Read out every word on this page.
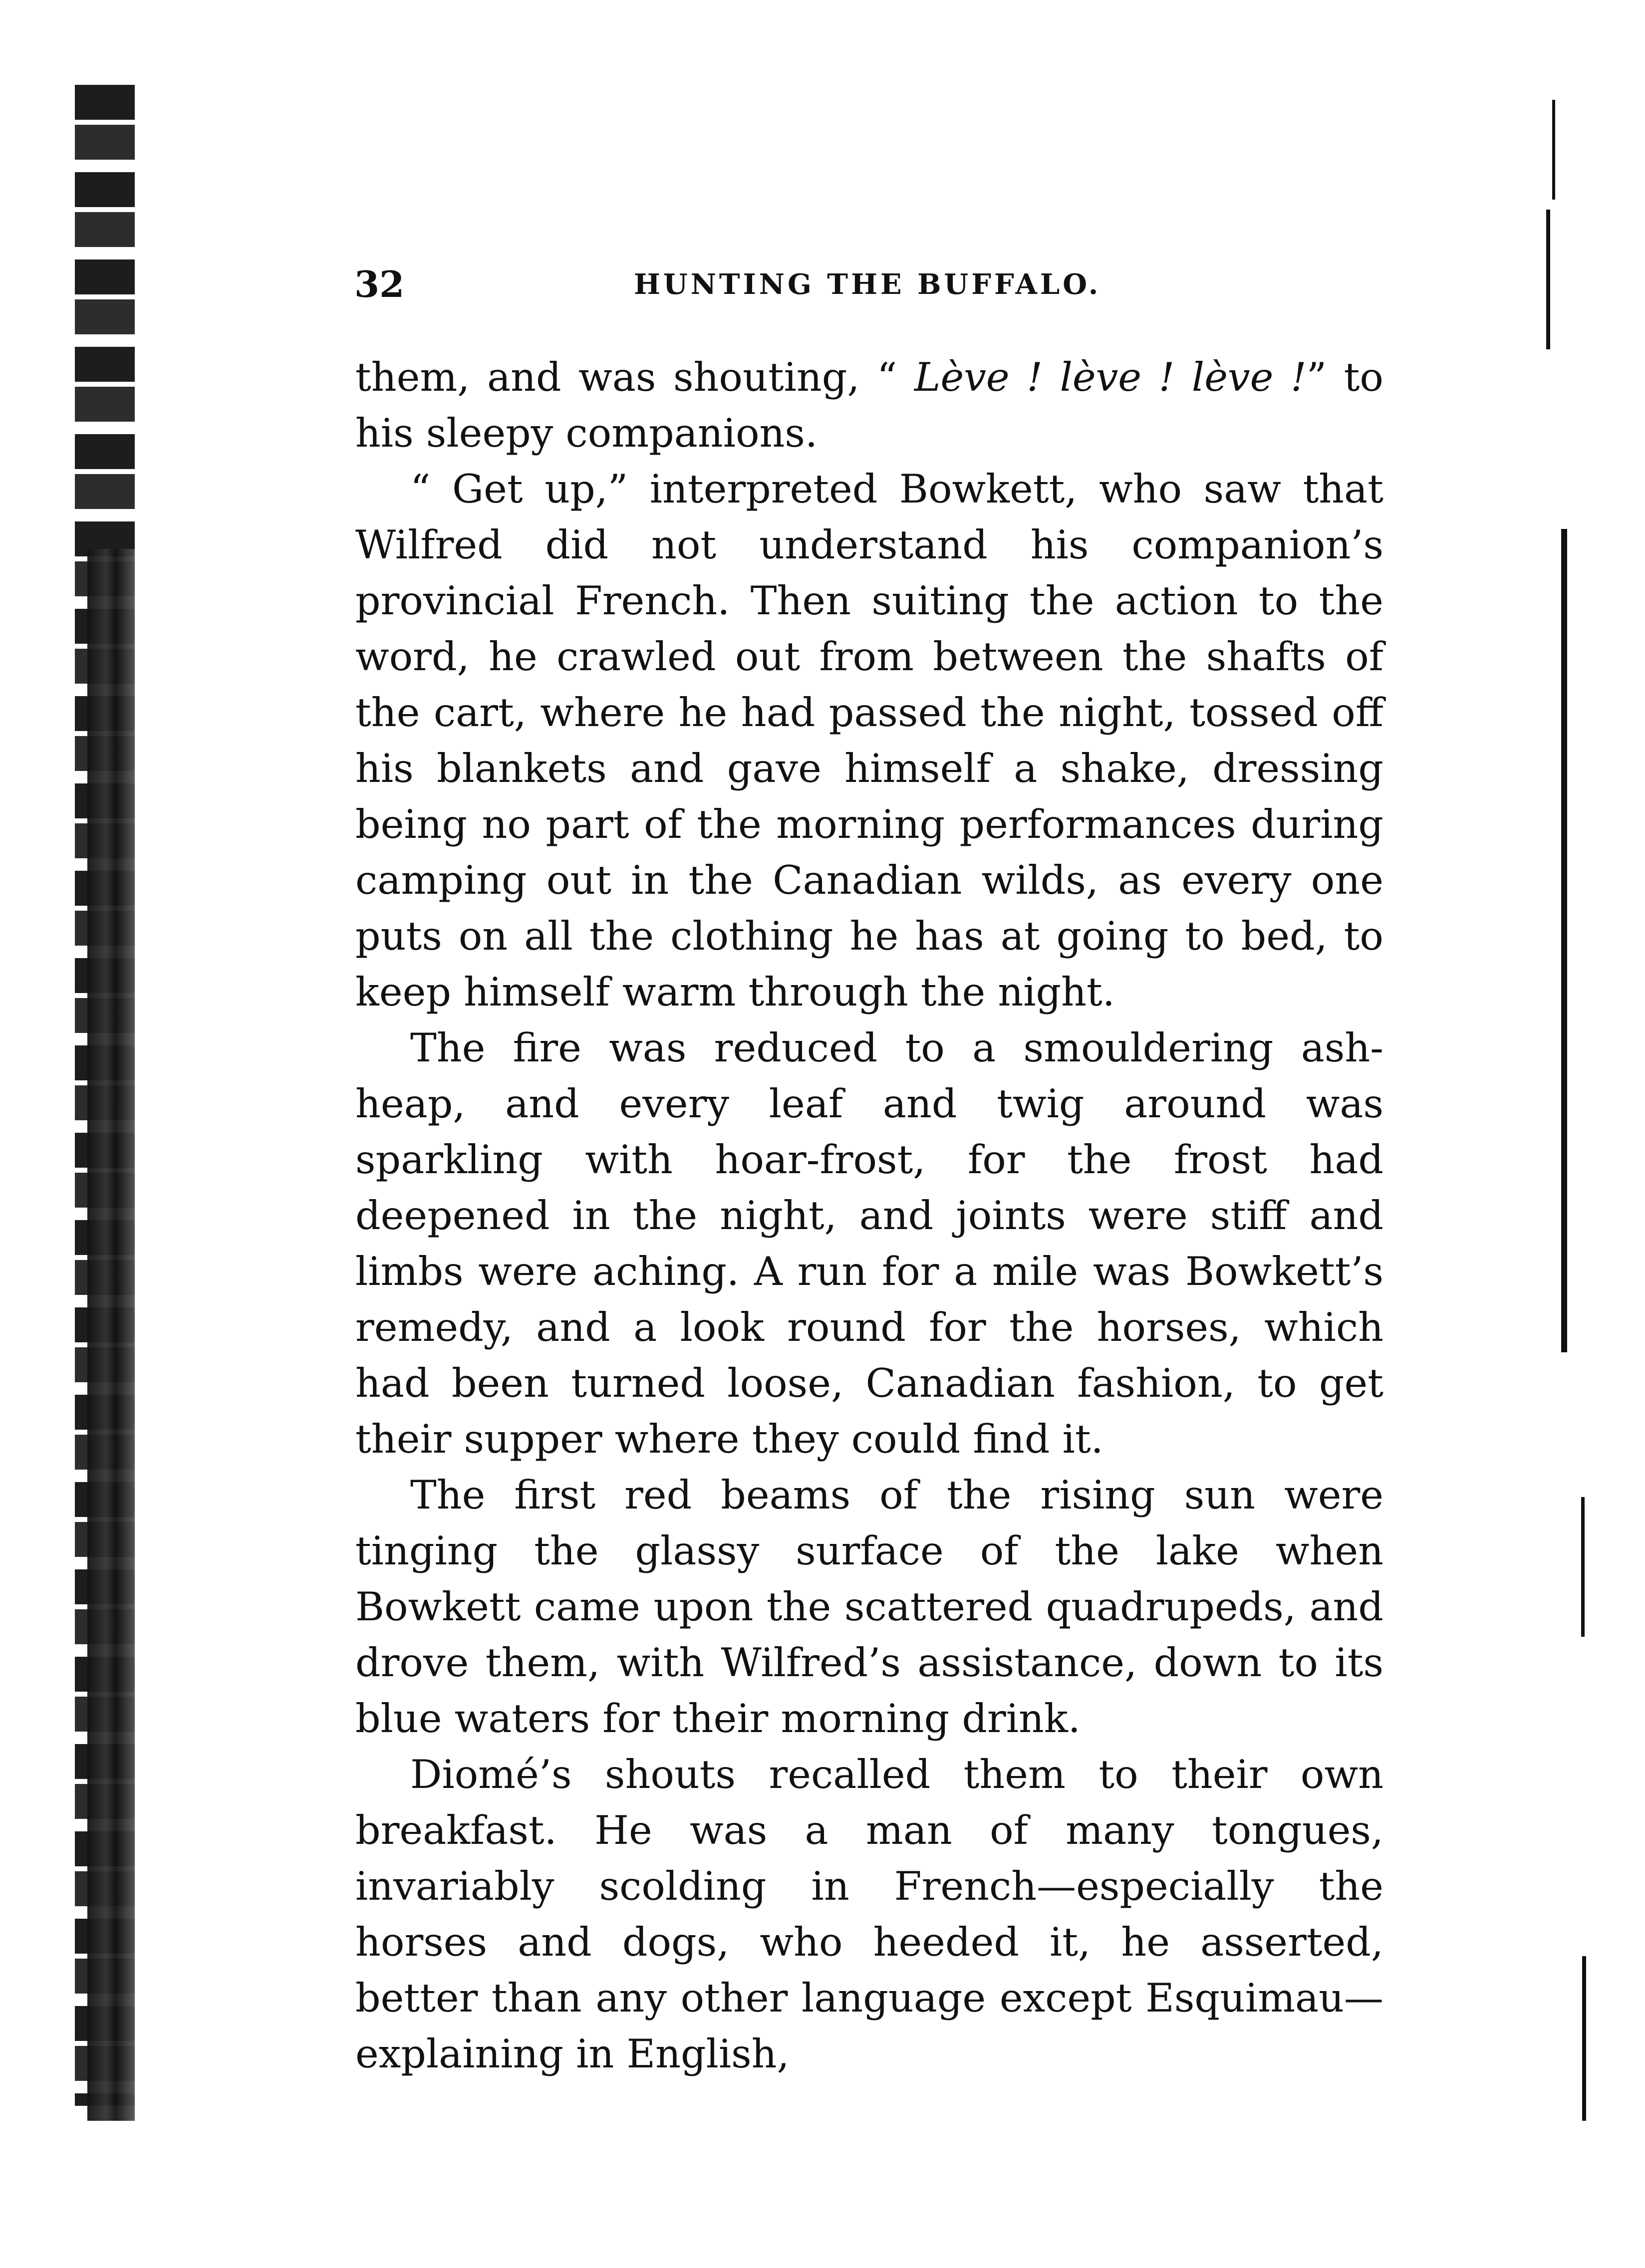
32	HUNTING THE BUFFALO.

them, and was shouting, “ Lève ! lève ! lève !” to his sleepy companions.

“ Get up,” interpreted Bowkett, who saw that Wilfred did not understand his companion’s provincial French. Then suiting the action to the word, he crawled out from between the shafts of the cart, where he had passed the night, tossed off his blankets and gave himself a shake, dressing being no part of the morning performances during camping out in the Canadian wilds, as every one puts on all the clothing he has at going to bed, to keep himself warm through the night.

The fire was reduced to a smouldering ash-heap, and every leaf and twig around was sparkling with hoar-frost, for the frost had deepened in the night, and joints were stiff and limbs were aching. A run for a mile was Bowkett’s remedy, and a look round for the horses, which had been turned loose, Canadian fashion, to get their supper where they could find it.

The first red beams of the rising sun were tinging the glassy surface of the lake when Bowkett came upon the scattered quadrupeds, and drove them, with Wilfred’s assistance, down to its blue waters for their morning drink.

Diomé’s shouts recalled them to their own breakfast. He was a man of many tongues, invariably scolding in French—especially the horses and dogs, who heeded it, he asserted, better than any other language except Esquimau—explaining in English,
